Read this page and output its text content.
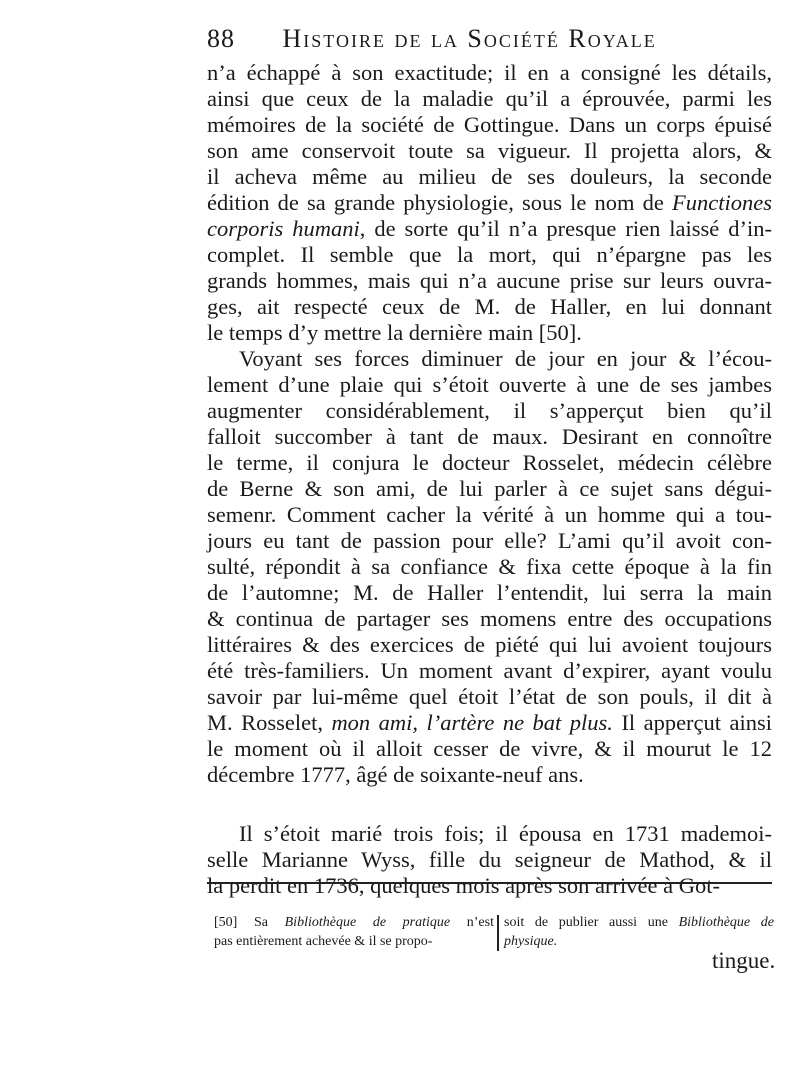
88 Histoire de la Société Royale
n’a échappé à son exactitude; il en a consigné les détails,
ainsi que ceux de la maladie qu’il a éprouvée, parmi les
mémoires de la société de Gottingue. Dans un corps épuisé
son ame conservoit toute sa vigueur. Il projetta alors, &
il acheva même au milieu de ses douleurs, la seconde
édition de sa grande physiologie, sous le nom de Functiones
corporis humani, de sorte qu’il n’a presque rien laissé d’in-
complet. Il semble que la mort, qui n’épargne pas les
grands hommes, mais qui n’a aucune prise sur leurs ouvra-
ges, ait respecté ceux de M. de Haller, en lui donnant
le temps d’y mettre la dernière main [50].
Voyant ses forces diminuer de jour en jour & l’écou-
lement d’une plaie qui s’étoit ouverte à une de ses jambes
augmenter considérablement, il s’apperçut bien qu’il
falloit succomber à tant de maux. Desirant en connoître
le terme, il conjura le docteur Rosselet, médecin célèbre
de Berne & son ami, de lui parler à ce sujet sans dégui-
semenr. Comment cacher la vérité à un homme qui a tou-
jours eu tant de passion pour elle? L’ami qu’il avoit con-
sulté, répondit à sa confiance & fixa cette époque à la fin
de l’automne; M. de Haller l’entendit, lui serra la main
& continua de partager ses momens entre des occupations
littéraires & des exercices de piété qui lui avoient toujours
été très-familiers. Un moment avant d’expirer, ayant voulu
savoir par lui-même quel étoit l’état de son pouls, il dit à
M. Rosselet, mon ami, l’artère ne bat plus. Il apperçut ainsi
le moment où il alloit cesser de vivre, & il mourut le 12
décembre 1777, âgé de soixante-neuf ans.
Il s’étoit marié trois fois; il épousa en 1731 mademoi-
selle Marianne Wyss, fille du seigneur de Mathod, & il
la perdit en 1736, quelques mois après son arrivée à Got-
[50] Sa Bibliothèque de pratique n’est
pas entièrement achevée & il se propo-
soit de publier aussi une Bibliothèque de
physique.
tingue.
